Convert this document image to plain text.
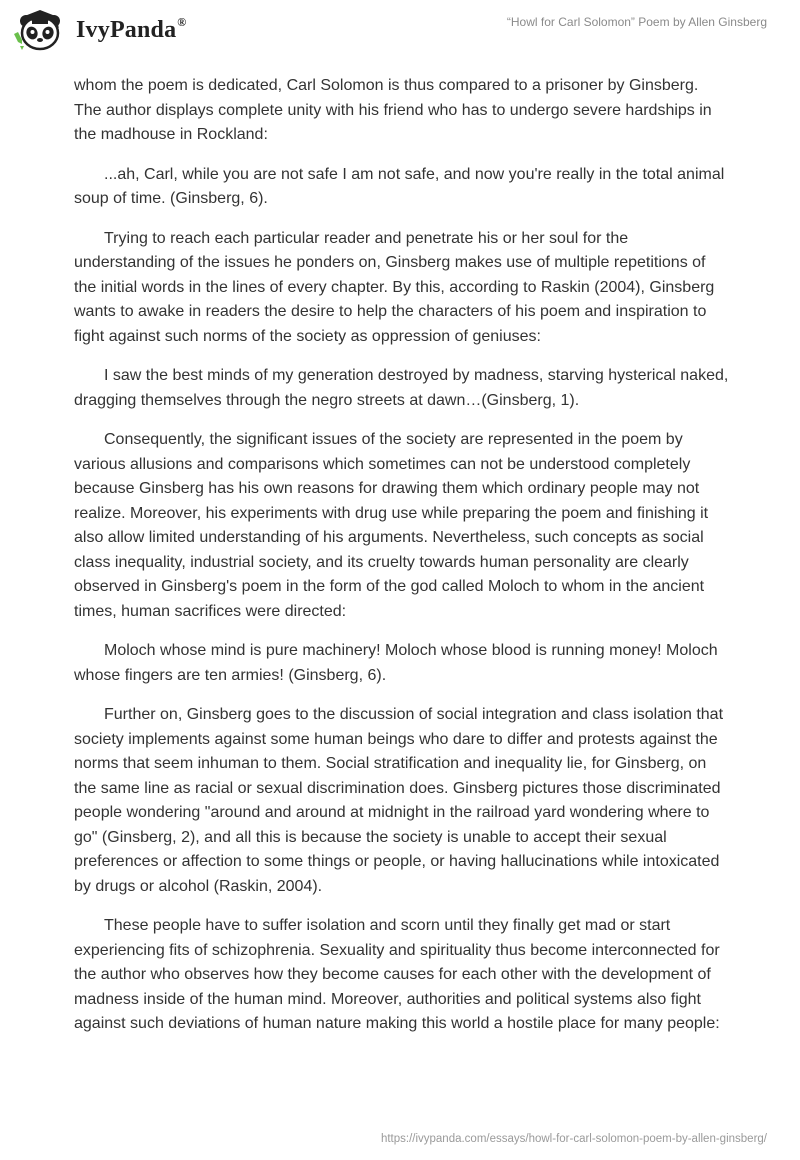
IvyPanda®	“Howl for Carl Solomon” Poem by Allen Ginsberg

whom the poem is dedicated, Carl Solomon is thus compared to a prisoner by Ginsberg. The author displays complete unity with his friend who has to undergo severe hardships in the madhouse in Rockland:

...ah, Carl, while you are not safe I am not safe, and now you're really in the total animal soup of time. (Ginsberg, 6).

Trying to reach each particular reader and penetrate his or her soul for the understanding of the issues he ponders on, Ginsberg makes use of multiple repetitions of the initial words in the lines of every chapter. By this, according to Raskin (2004), Ginsberg wants to awake in readers the desire to help the characters of his poem and inspiration to fight against such norms of the society as oppression of geniuses:

I saw the best minds of my generation destroyed by madness, starving hysterical naked, dragging themselves through the negro streets at dawn…(Ginsberg, 1).

Consequently, the significant issues of the society are represented in the poem by various allusions and comparisons which sometimes can not be understood completely because Ginsberg has his own reasons for drawing them which ordinary people may not realize. Moreover, his experiments with drug use while preparing the poem and finishing it also allow limited understanding of his arguments. Nevertheless, such concepts as social class inequality, industrial society, and its cruelty towards human personality are clearly observed in Ginsberg's poem in the form of the god called Moloch to whom in the ancient times, human sacrifices were directed:

Moloch whose mind is pure machinery! Moloch whose blood is running money! Moloch whose fingers are ten armies! (Ginsberg, 6).

Further on, Ginsberg goes to the discussion of social integration and class isolation that society implements against some human beings who dare to differ and protests against the norms that seem inhuman to them. Social stratification and inequality lie, for Ginsberg, on the same line as racial or sexual discrimination does. Ginsberg pictures those discriminated people wondering "around and around at midnight in the railroad yard wondering where to go" (Ginsberg, 2), and all this is because the society is unable to accept their sexual preferences or affection to some things or people, or having hallucinations while intoxicated by drugs or alcohol (Raskin, 2004).

These people have to suffer isolation and scorn until they finally get mad or start experiencing fits of schizophrenia. Sexuality and spirituality thus become interconnected for the author who observes how they become causes for each other with the development of madness inside of the human mind. Moreover, authorities and political systems also fight against such deviations of human nature making this world a hostile place for many people:

https://ivypanda.com/essays/howl-for-carl-solomon-poem-by-allen-ginsberg/
